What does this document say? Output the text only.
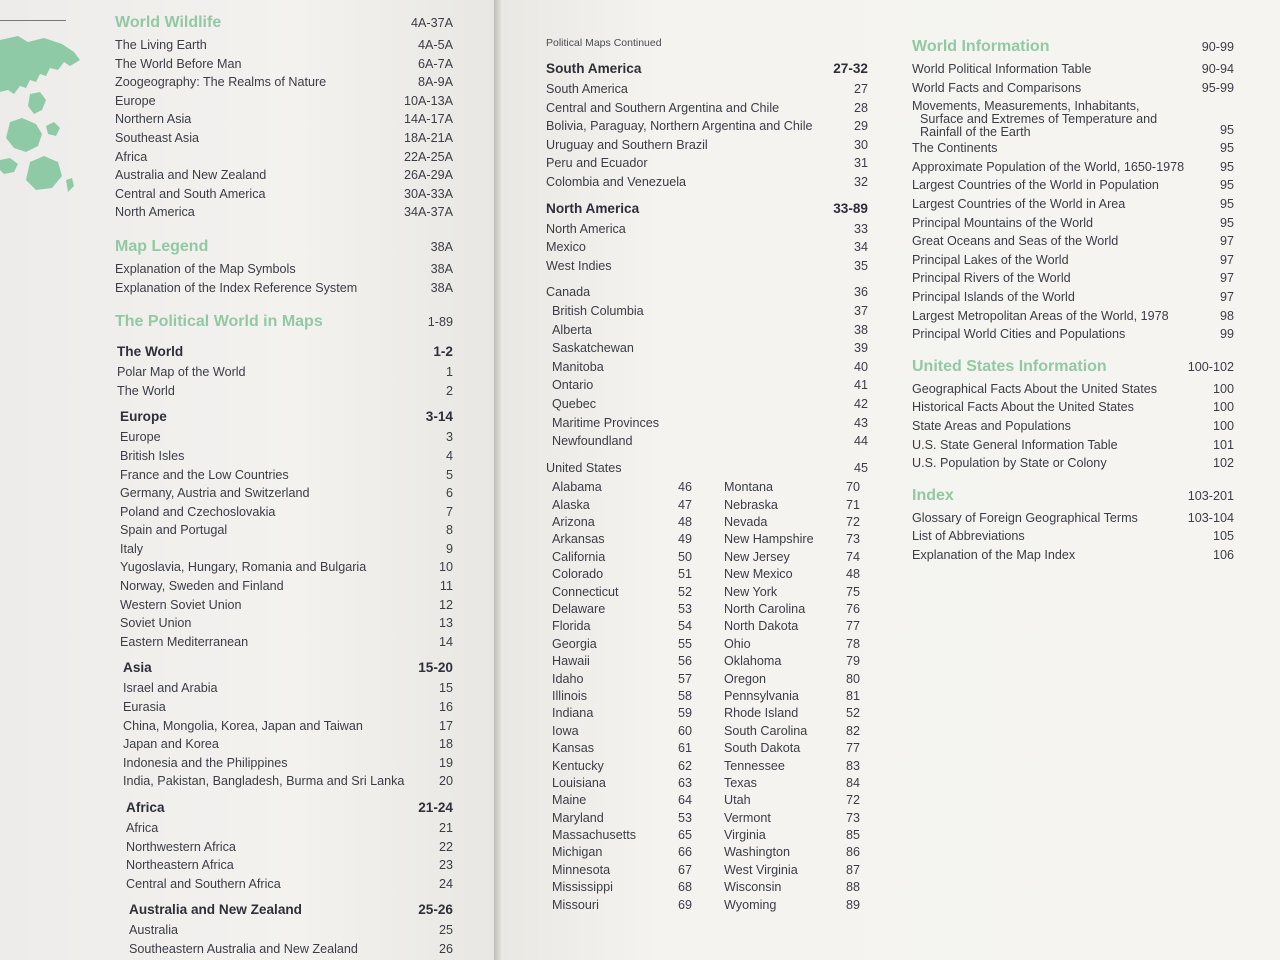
World Wildlife	4A-37A
The Living Earth	4A-5A
The World Before Man	6A-7A
Zoogeography: The Realms of Nature	8A-9A
Europe	10A-13A
Northern Asia	14A-17A
Southeast Asia	18A-21A
Africa	22A-25A
Australia and New Zealand	26A-29A
Central and South America	30A-33A
North America	34A-37A
Map Legend	38A
Explanation of the Map Symbols	38A
Explanation of the Index Reference System	38A
The Political World in Maps	1-89
The World	1-2
Polar Map of the World	1
The World	2
Europe	3-14
Europe	3
British Isles	4
France and the Low Countries	5
Germany, Austria and Switzerland	6
Poland and Czechoslovakia	7
Spain and Portugal	8
Italy	9
Yugoslavia, Hungary, Romania and Bulgaria	10
Norway, Sweden and Finland	11
Western Soviet Union	12
Soviet Union	13
Eastern Mediterranean	14
Asia	15-20
Israel and Arabia	15
Eurasia	16
China, Mongolia, Korea, Japan and Taiwan	17
Japan and Korea	18
Indonesia and the Philippines	19
India, Pakistan, Bangladesh, Burma and Sri Lanka	20
Africa	21-24
Africa	21
Northwestern Africa	22
Northeastern Africa	23
Central and Southern Africa	24
Australia and New Zealand	25-26
Australia	25
Southeastern Australia and New Zealand	26
Political Maps Continued
South America	27-32
South America	27
Central and Southern Argentina and Chile	28
Bolivia, Paraguay, Northern Argentina and Chile	29
Uruguay and Southern Brazil	30
Peru and Ecuador	31
Colombia and Venezuela	32
North America	33-89
North America	33
Mexico	34
West Indies	35
Canada	36
British Columbia	37
Alberta	38
Saskatchewan	39
Manitoba	40
Ontario	41
Quebec	42
Maritime Provinces	43
Newfoundland	44
United States	45
Alabama	46
Alaska	47
Arizona	48
Arkansas	49
California	50
Colorado	51
Connecticut	52
Delaware	53
Florida	54
Georgia	55
Hawaii	56
Idaho	57
Illinois	58
Indiana	59
Iowa	60
Kansas	61
Kentucky	62
Louisiana	63
Maine	64
Maryland	53
Massachusetts	65
Michigan	66
Minnesota	67
Mississippi	68
Missouri	69
Montana	70
Nebraska	71
Nevada	72
New Hampshire	73
New Jersey	74
New Mexico	48
New York	75
North Carolina	76
North Dakota	77
Ohio	78
Oklahoma	79
Oregon	80
Pennsylvania	81
Rhode Island	52
South Carolina	82
South Dakota	77
Tennessee	83
Texas	84
Utah	72
Vermont	73
Virginia	85
Washington	86
West Virginia	87
Wisconsin	88
Wyoming	89
World Information	90-99
World Political Information Table	90-94
World Facts and Comparisons	95-99
Movements, Measurements, Inhabitants,
Surface and Extremes of Temperature and
Rainfall of the Earth	95
The Continents	95
Approximate Population of the World, 1650-1978	95
Largest Countries of the World in Population	95
Largest Countries of the World in Area	95
Principal Mountains of the World	95
Great Oceans and Seas of the World	97
Principal Lakes of the World	97
Principal Rivers of the World	97
Principal Islands of the World	97
Largest Metropolitan Areas of the World, 1978	98
Principal World Cities and Populations	99
United States Information	100-102
Geographical Facts About the United States	100
Historical Facts About the United States	100
State Areas and Populations	100
U.S. State General Information Table	101
U.S. Population by State or Colony	102
Index	103-201
Glossary of Foreign Geographical Terms	103-104
List of Abbreviations	105
Explanation of the Map Index	106
